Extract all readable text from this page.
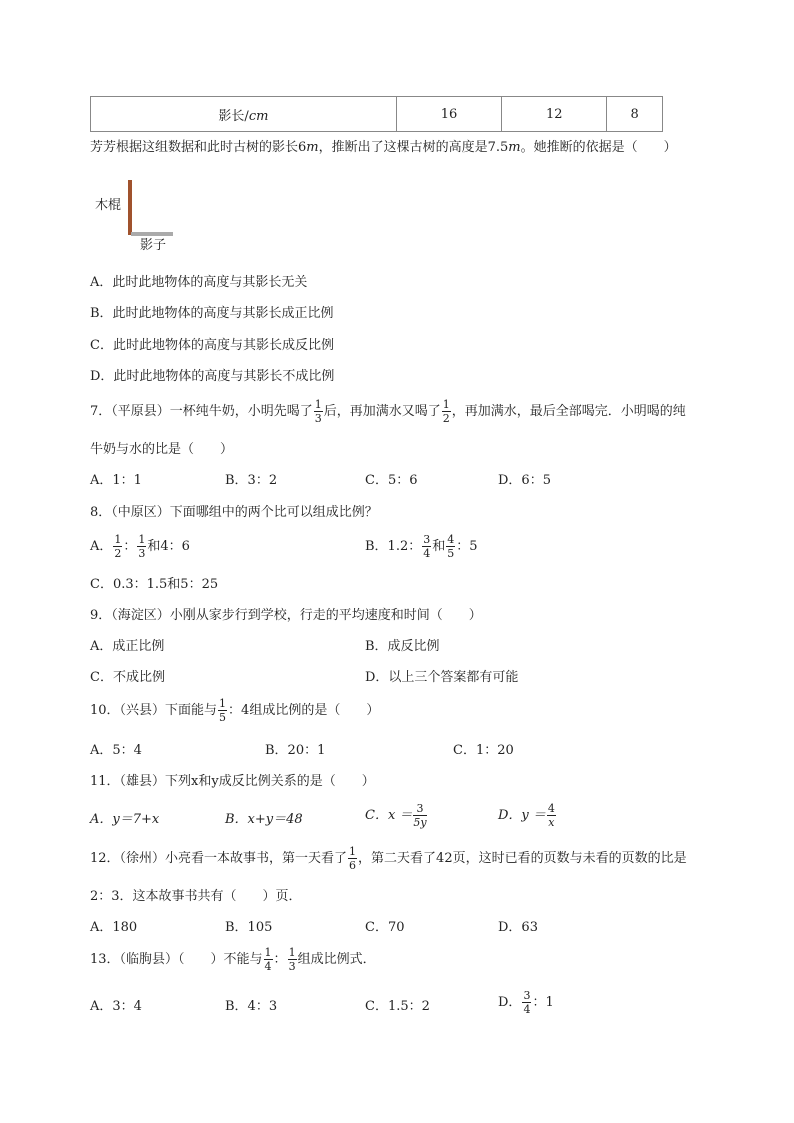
影长/cm	16	12	8
芳芳根据这组数据和此时古树的影长6m，推断出了这棵古树的高度是7.5m。她推断的依据是（　　）
木棍
影子
A．此时此地物体的高度与其影长无关
B．此时此地物体的高度与其影长成正比例
C．此时此地物体的高度与其影长成反比例
D．此时此地物体的高度与其影长不成比例
7．（平原县）一杯纯牛奶，小明先喝了 $\frac{1}{3}$ 后，再加满水又喝了 $\frac{1}{2}$ ，再加满水，最后全部喝完．小明喝的纯
牛奶与水的比是（　　）
A．1：1	B．3：2	C．5：6	D．6：5
8．（中原区）下面哪组中的两个比可以组成比例？
A． $\frac{1}{2}$ ： $\frac{1}{3}$ 和4：6	B．1.2： $\frac{3}{4}$ 和 $\frac{4}{5}$ ：5
C．0.3：1.5和5：25
9．（海淀区）小刚从家步行到学校，行走的平均速度和时间（　　）
A．成正比例	B．成反比例
C．不成比例	D．以上三个答案都有可能
10．（兴县）下面能与 $\frac{1}{5}$ ：4组成比例的是（　　）
A．5：4	B．20：1	C．1：20
11．（雄县）下列x和y成反比例关系的是（　　）
A．y＝7+x	B．x+y＝48	C．$x = \frac{3}{5y}$	D．$y = \frac{4}{x}$
12．（徐州）小亮看一本故事书，第一天看了 $\frac{1}{6}$ ，第二天看了42页，这时已看的页数与未看的页数的比是
2：3．这本故事书共有（　　）页．
A．180	B．105	C．70	D．63
13．（临朐县）（　　）不能与 $\frac{1}{4}$ ： $\frac{1}{3}$ 组成比例式．
A．3：4	B．4：3	C．1.5：2	D． $\frac{3}{4}$ ：1
